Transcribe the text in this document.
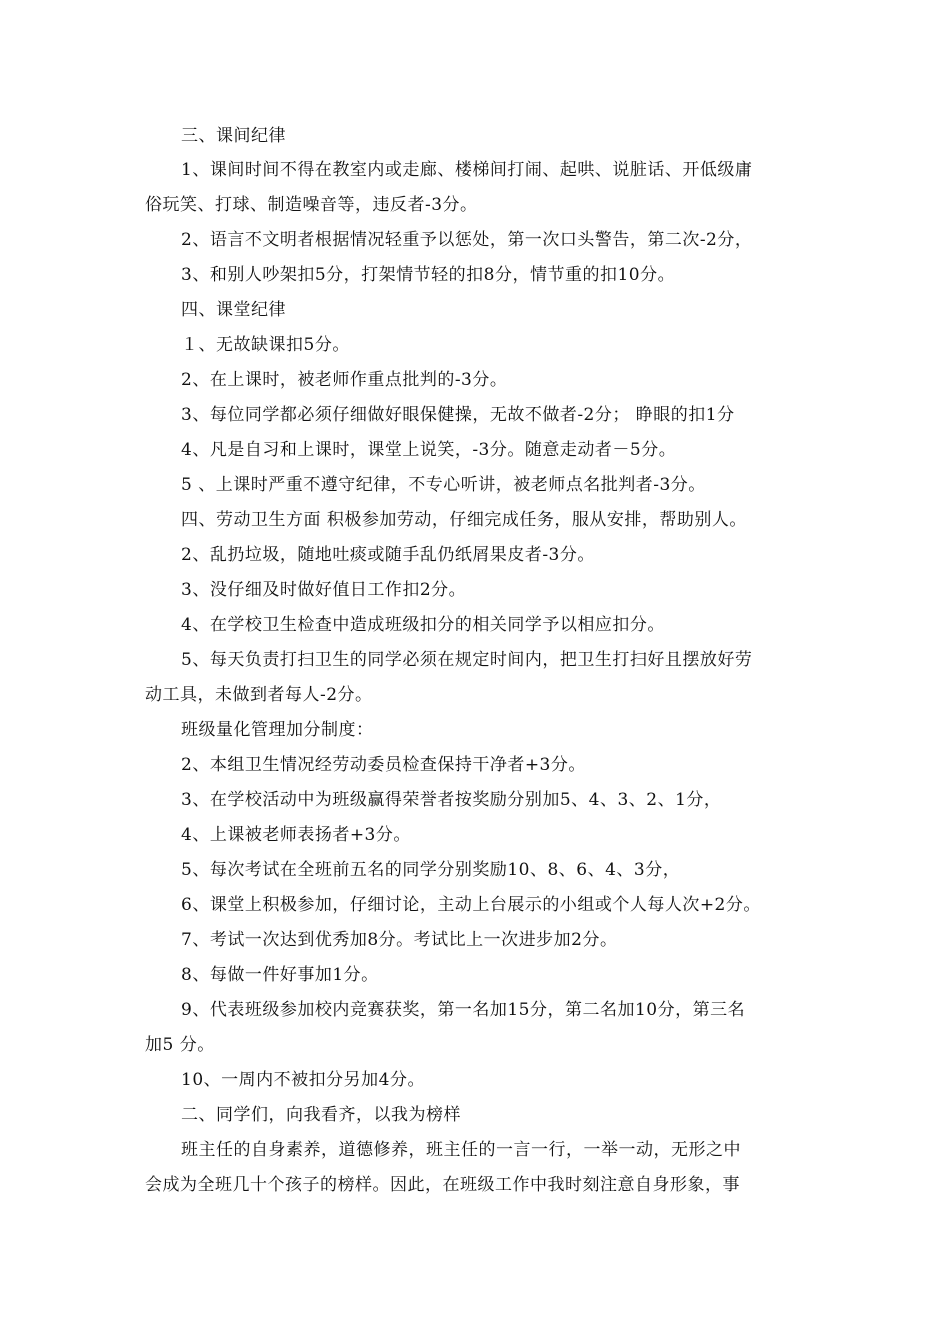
三、课间纪律
1、课间时间不得在教室内或走廊、楼梯间打闹、起哄、说脏话、开低级庸
俗玩笑、打球、制造噪音等，违反者-3分。
2、语言不文明者根据情况轻重予以惩处，第一次口头警告，第二次-2分，
3、和别人吵架扣5分，打架情节轻的扣8分，情节重的扣10分。
四、课堂纪律
１、无故缺课扣5分。
2、在上课时，被老师作重点批判的-3分。
3、每位同学都必须仔细做好眼保健操，无故不做者-2分； 睁眼的扣1分
4、凡是自习和上课时，课堂上说笑，-3分。随意走动者－5分。
5 、上课时严重不遵守纪律，不专心听讲，被老师点名批判者-3分。
四、劳动卫生方面 积极参加劳动，仔细完成任务，服从安排，帮助别人。
2、乱扔垃圾，随地吐痰或随手乱仍纸屑果皮者-3分。
3、没仔细及时做好值日工作扣2分。
4、在学校卫生检查中造成班级扣分的相关同学予以相应扣分。
5、每天负责打扫卫生的同学必须在规定时间内，把卫生打扫好且摆放好劳
动工具，未做到者每人-2分。
班级量化管理加分制度：
2、本组卫生情况经劳动委员检查保持干净者+3分。
3、在学校活动中为班级赢得荣誉者按奖励分别加5、4、3、2、1分，
4、上课被老师表扬者+3分。
5、每次考试在全班前五名的同学分别奖励10、8、6、4、3分，
6、课堂上积极参加，仔细讨论，主动上台展示的小组或个人每人次+2分。
7、考试一次达到优秀加8分。考试比上一次进步加2分。
8、每做一件好事加1分。
9、代表班级参加校内竞赛获奖，第一名加15分，第二名加10分，第三名
加5 分。
10、一周内不被扣分另加4分。
二、同学们，向我看齐，以我为榜样
班主任的自身素养，道德修养，班主任的一言一行，一举一动，无形之中
会成为全班几十个孩子的榜样。因此，在班级工作中我时刻注意自身形象，事
